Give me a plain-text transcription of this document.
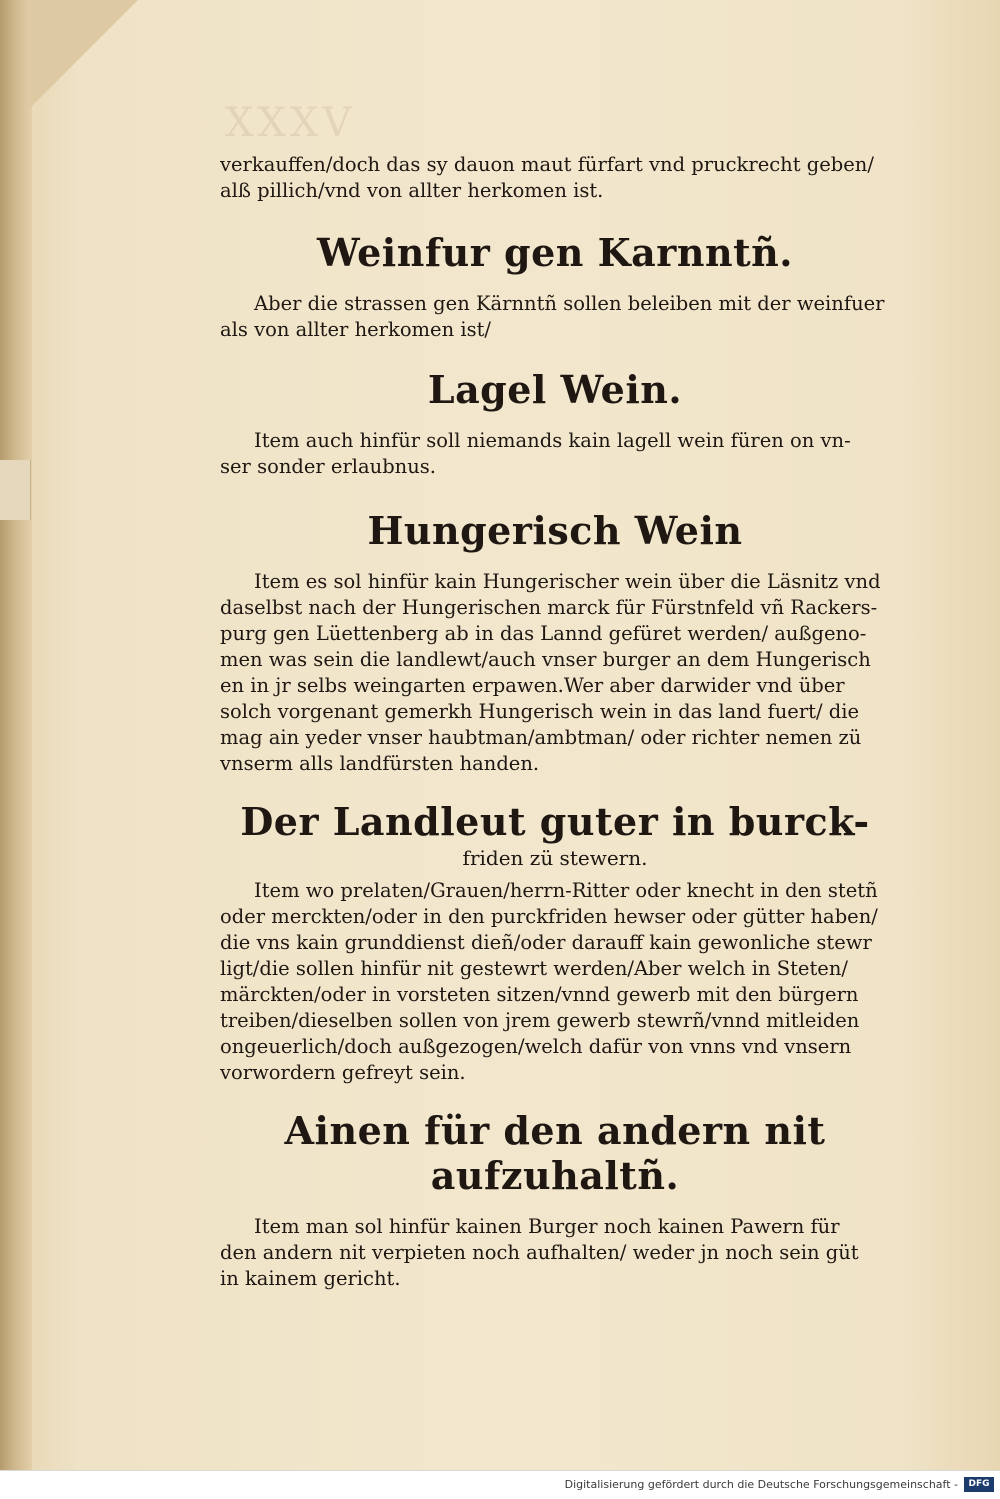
XXXV

verkauffen/doch das sy dauon maut fürfart vnd pruckrecht geben/
alß pillich/vnd von allter herkomen ist.

Weinfur gen Karnntñ.

Aber die strassen gen Kärnntñ sollen beleiben mit der weinfuer
als von allter herkomen ist/

Lagel Wein.

Item auch hinfür soll niemands kain lagell wein füren on vn-
ser sonder erlaubnus.

Hungerisch Wein

Item es sol hinfür kain Hungerischer wein über die Läsnitz vnd
daselbst nach der Hungerischen marck für Fürstnfeld vñ Rackers-
purg gen Lüettenberg ab in das Lannd gefüret werden/ außgeno-
men was sein die landlewt/auch vnser burger an dem Hungerisch
en in jr selbs weingarten erpawen.Wer aber darwider vnd über
solch vorgenant gemerkh Hungerisch wein in das land fuert/ die
mag ain yeder vnser haubtman/ambtman/ oder richter nemen zü
vnserm alls landfürsten handen.

Der Landleut guter in burck-

friden zü stewern.

Item wo prelaten/Grauen/herrn-Ritter oder knecht in den stetñ
oder merckten/oder in den purckfriden hewser oder gütter haben/
die vns kain grunddienst dieñ/oder darauff kain gewonliche stewr
ligt/die sollen hinfür nit gestewrt werden/Aber welch in Steten/
märckten/oder in vorsteten sitzen/vnnd gewerb mit den bürgern
treiben/dieselben sollen von jrem gewerb stewrñ/vnnd mitleiden
ongeuerlich/doch außgezogen/welch dafür von vnns vnd vnsern
vorwordern gefreyt sein.

Ainen für den andern nit aufzuhaltñ.

Item man sol hinfür kainen Burger noch kainen Pawern für
den andern nit verpieten noch aufhalten/ weder jn noch sein güt
in kainem gericht.

Digitalisierung gefördert durch die Deutsche Forschungsgemeinschaft -	DFG
